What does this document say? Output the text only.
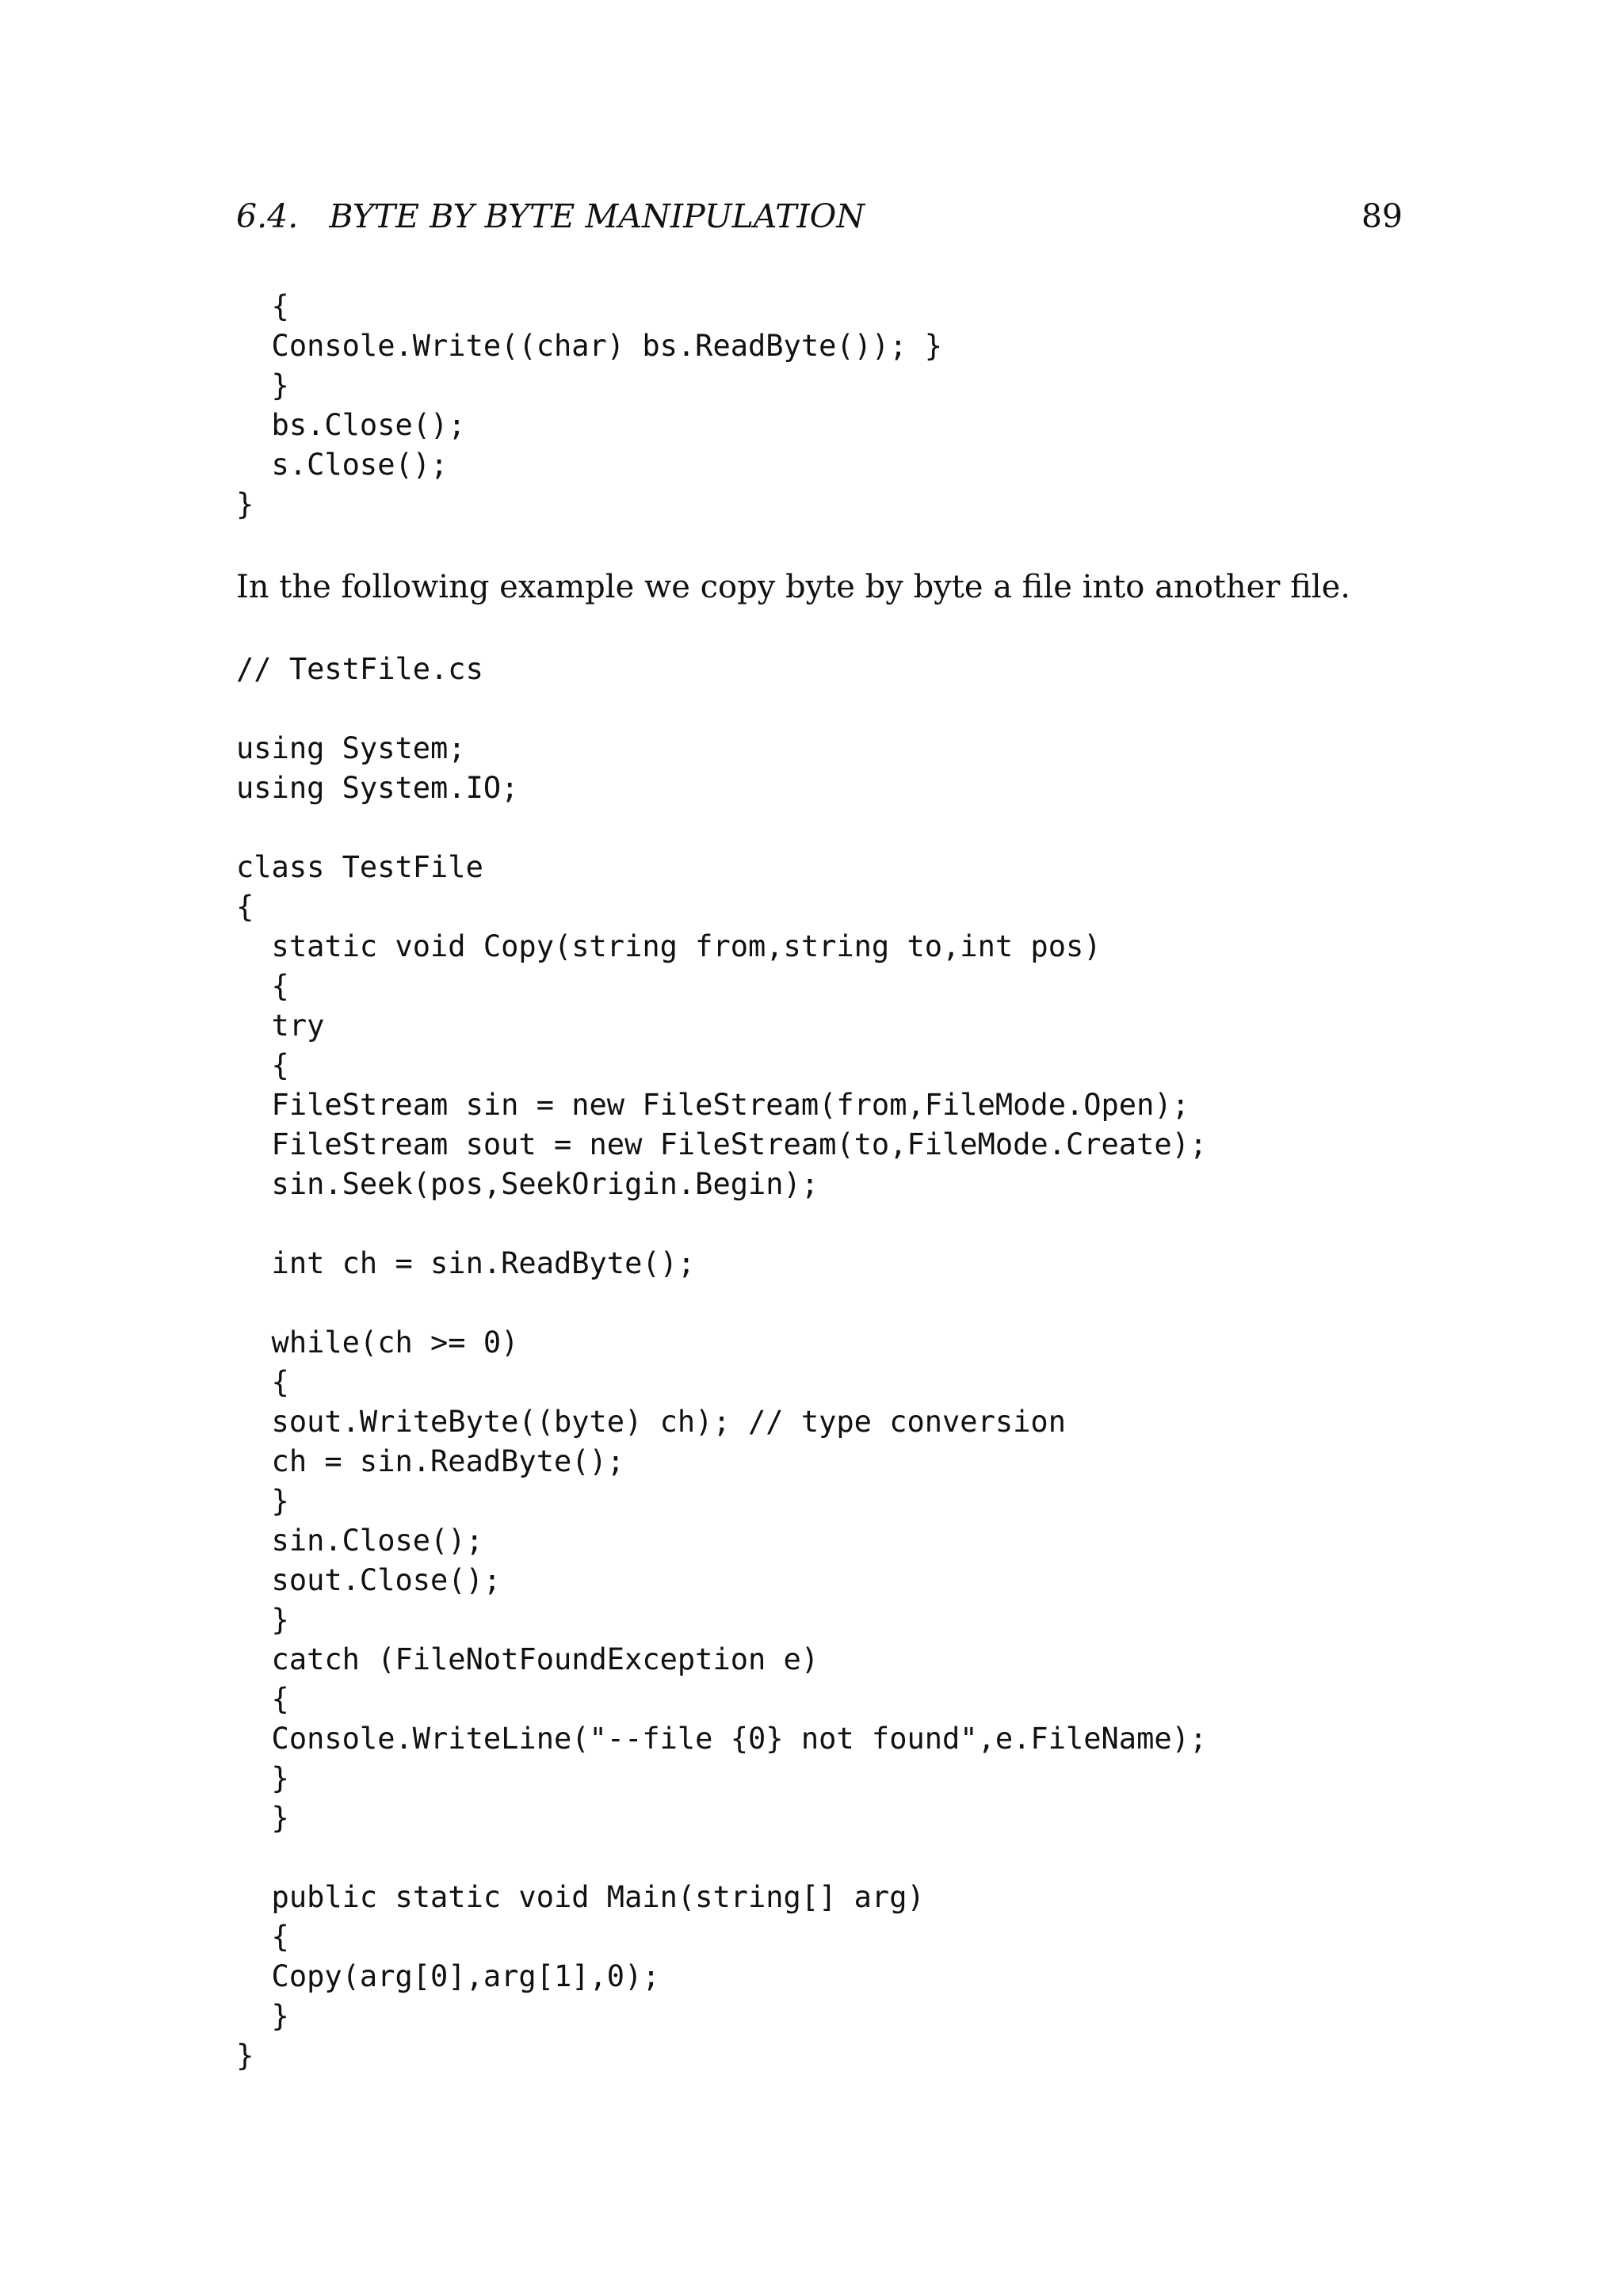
6.4. BYTE BY BYTE MANIPULATION	89
{
Console.Write((char) bs.ReadByte()); }
}
bs.Close();
s.Close();
}

In the following example we copy byte by byte a file into another file.

// TestFile.cs
using System;
using System.IO;
class TestFile
{
static void Copy(string from,string to,int pos)
{
try
{
FileStream sin = new FileStream(from,FileMode.Open);
FileStream sout = new FileStream(to,FileMode.Create);
sin.Seek(pos,SeekOrigin.Begin);
int ch = sin.ReadByte();
while(ch >= 0)
{
sout.WriteByte((byte) ch); // type conversion
ch = sin.ReadByte();
}
sin.Close();
sout.Close();
}
catch (FileNotFoundException e)
{
Console.WriteLine("--file {0} not found",e.FileName);
}
}
public static void Main(string[] arg)
{
Copy(arg[0],arg[1],0);
}
}
